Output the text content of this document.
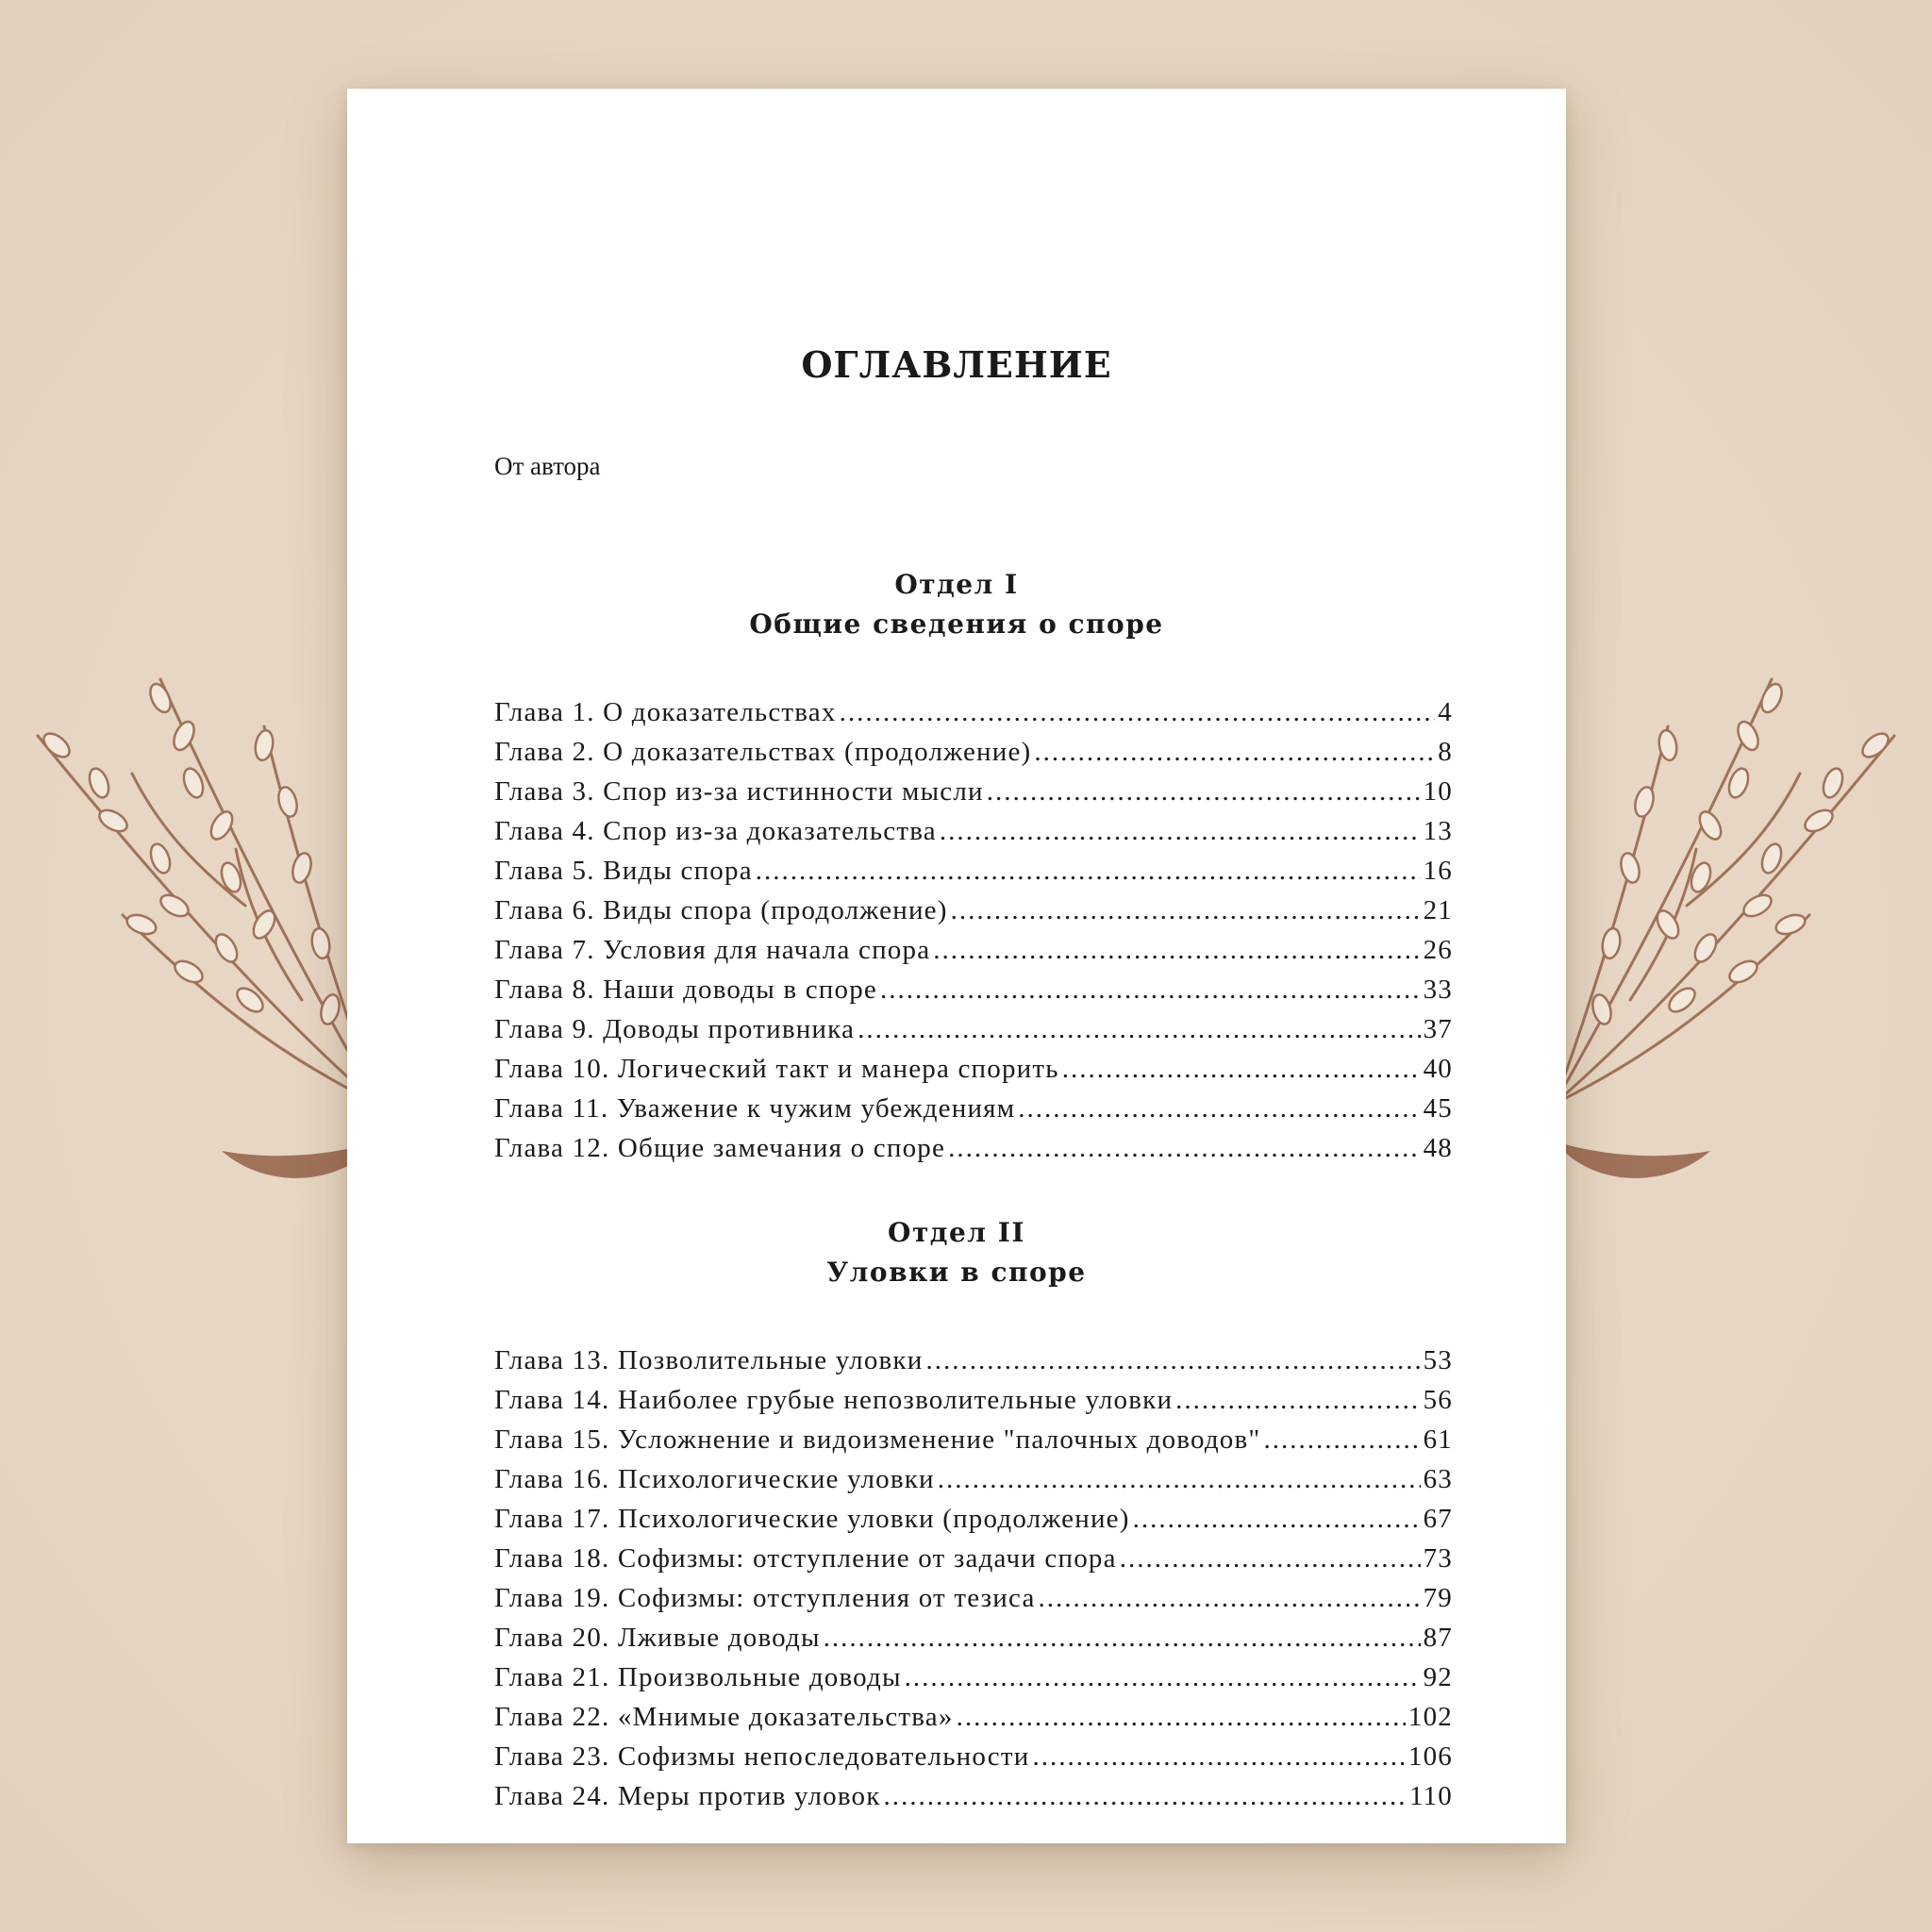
ОГЛАВЛЕНИЕ
От автора
Отдел I
Общие сведения о споре
Глава 1. О доказательствах .....	4
Глава 2. О доказательствах (продолжение) .....	8
Глава 3. Спор из-за истинности мысли .....	10
Глава 4. Спор из-за доказательства .....	13
Глава 5. Виды спора .....	16
Глава 6. Виды спора (продолжение) .....	21
Глава 7. Условия для начала спора .....	26
Глава 8. Наши доводы в споре .....	33
Глава 9. Доводы противника .....	37
Глава 10. Логический такт и манера спорить .....	40
Глава 11. Уважение к чужим убеждениям .....	45
Глава 12. Общие замечания о споре .....	48
Отдел II
Уловки в споре
Глава 13. Позволительные уловки .....	53
Глава 14. Наиболее грубые непозволительные уловки .....	56
Глава 15. Усложнение и видоизменение "палочных доводов" .....	61
Глава 16. Психологические уловки .....	63
Глава 17. Психологические уловки (продолжение) .....	67
Глава 18. Софизмы: отступление от задачи спора .....	73
Глава 19. Софизмы: отступления от тезиса .....	79
Глава 20. Лживые доводы .....	87
Глава 21. Произвольные доводы .....	92
Глава 22. «Мнимые доказательства» .....	102
Глава 23. Софизмы непоследовательности .....	106
Глава 24. Меры против уловок .....	110
